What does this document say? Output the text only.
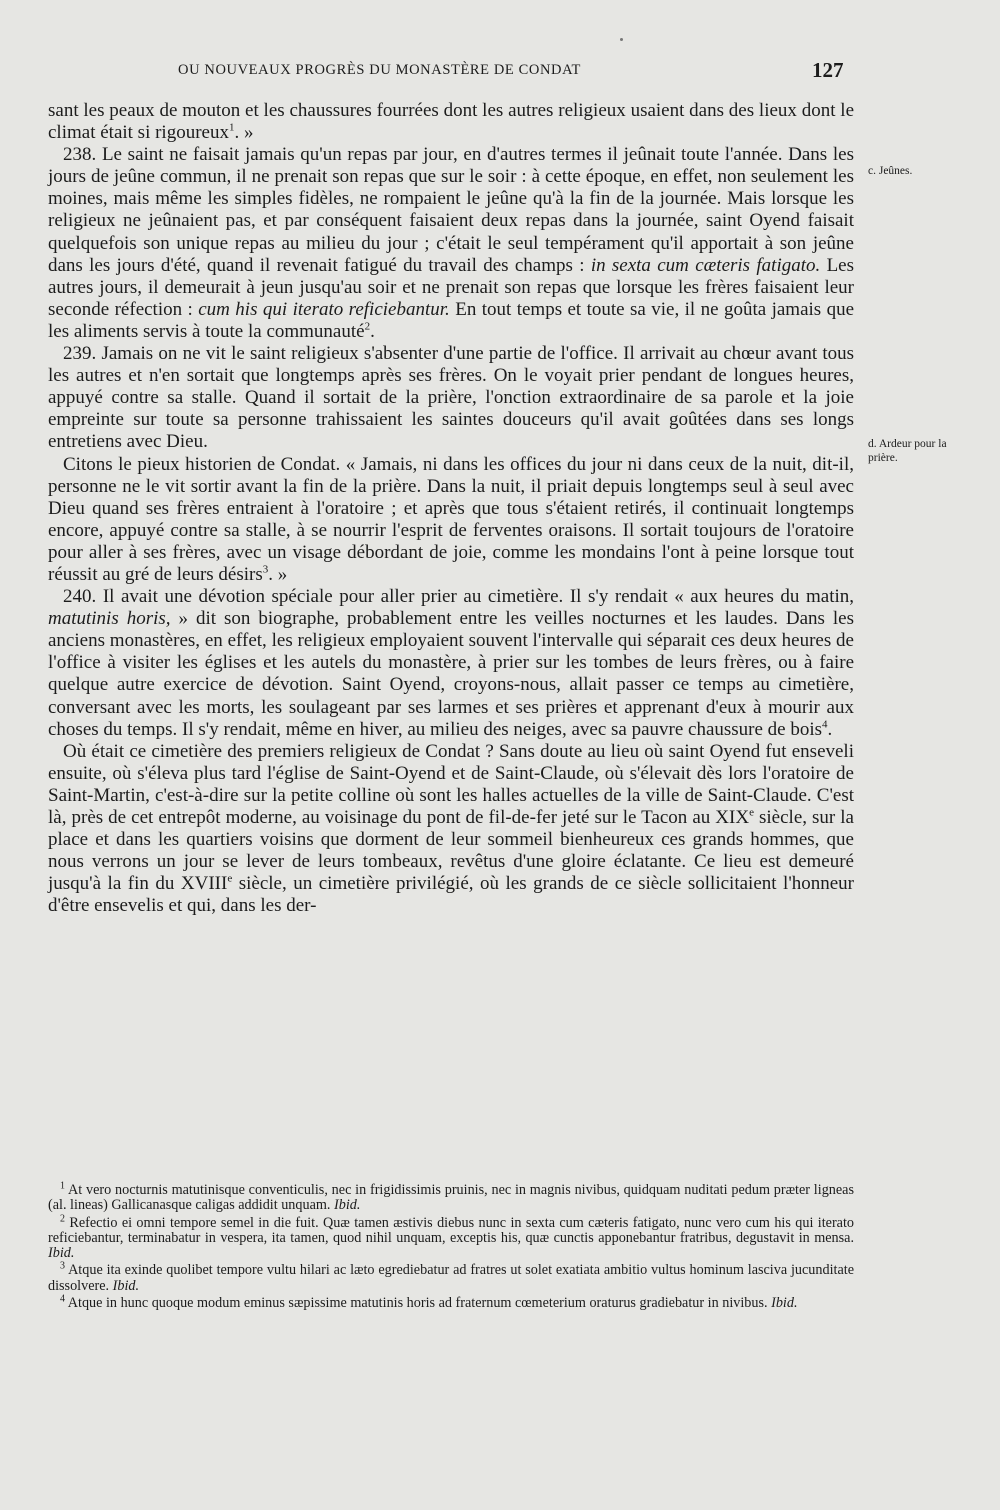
OU NOUVEAUX PROGRÈS DU MONASTÈRE DE CONDAT	127
c. Jeûnes.
d. Ardeur pour la prière.

sant les peaux de mouton et les chaussures fourrées dont les autres religieux usaient dans des lieux dont le climat était si rigoureux$^1$. »

238. Le saint ne faisait jamais qu'un repas par jour, en d'autres termes il jeûnait toute l'année. Dans les jours de jeûne commun, il ne prenait son repas que sur le soir : à cette époque, en effet, non seulement les moines, mais même les simples fidèles, ne rompaient le jeûne qu'à la fin de la journée. Mais lorsque les religieux ne jeûnaient pas, et par conséquent faisaient deux repas dans la journée, saint Oyend faisait quelquefois son unique repas au milieu du jour ; c'était le seul tempérament qu'il apportait à son jeûne dans les jours d'été, quand il revenait fatigué du travail des champs : in sexta cum cæteris fatigato. Les autres jours, il demeurait à jeun jusqu'au soir et ne prenait son repas que lorsque les frères faisaient leur seconde réfection : cum his qui iterato reficiebantur. En tout temps et toute sa vie, il ne goûta jamais que les aliments servis à toute la communauté$^2$.

239. Jamais on ne vit le saint religieux s'absenter d'une partie de l'office. Il arrivait au chœur avant tous les autres et n'en sortait que longtemps après ses frères. On le voyait prier pendant de longues heures, appuyé contre sa stalle. Quand il sortait de la prière, l'onction extraordinaire de sa parole et la joie empreinte sur toute sa personne trahissaient les saintes douceurs qu'il avait goûtées dans ses longs entretiens avec Dieu.

Citons le pieux historien de Condat. « Jamais, ni dans les offices du jour ni dans ceux de la nuit, dit-il, personne ne le vit sortir avant la fin de la prière. Dans la nuit, il priait depuis longtemps seul à seul avec Dieu quand ses frères entraient à l'oratoire ; et après que tous s'étaient retirés, il continuait longtemps encore, appuyé contre sa stalle, à se nourrir l'esprit de ferventes oraisons. Il sortait toujours de l'oratoire pour aller à ses frères, avec un visage débordant de joie, comme les mondains l'ont à peine lorsque tout réussit au gré de leurs désirs$^3$. »

240. Il avait une dévotion spéciale pour aller prier au cimetière. Il s'y rendait « aux heures du matin, matutinis horis, » dit son biographe, probablement entre les veilles nocturnes et les laudes. Dans les anciens monastères, en effet, les religieux employaient souvent l'intervalle qui séparait ces deux heures de l'office à visiter les églises et les autels du monastère, à prier sur les tombes de leurs frères, ou à faire quelque autre exercice de dévotion. Saint Oyend, croyons-nous, allait passer ce temps au cimetière, conversant avec les morts, les soulageant par ses larmes et ses prières et apprenant d'eux à mourir aux choses du temps. Il s'y rendait, même en hiver, au milieu des neiges, avec sa pauvre chaussure de bois$^4$.

Où était ce cimetière des premiers religieux de Condat ? Sans doute au lieu où saint Oyend fut enseveli ensuite, où s'éleva plus tard l'église de Saint-Oyend et de Saint-Claude, où s'élevait dès lors l'oratoire de Saint-Martin, c'est-à-dire sur la petite colline où sont les halles actuelles de la ville de Saint-Claude. C'est là, près de cet entrepôt moderne, au voisinage du pont de fil-de-fer jeté sur le Tacon au XIXe siècle, sur la place et dans les quartiers voisins que dorment de leur sommeil bienheureux ces grands hommes, que nous verrons un jour se lever de leurs tombeaux, revêtus d'une gloire éclatante. Ce lieu est demeuré jusqu'à la fin du XVIIIe siècle, un cimetière privilégié, où les grands de ce siècle sollicitaient l'honneur d'être ensevelis et qui, dans les der-

$^1$ At vero nocturnis matutinisque conventiculis, nec in frigidissimis pruinis, nec in magnis nivibus, quidquam nuditati pedum præter ligneas (al. lineas) Gallicanasque caligas addidit unquam. Ibid.

$^2$ Refectio ei omni tempore semel in die fuit. Quæ tamen æstivis diebus nunc in sexta cum cæteris fatigato, nunc vero cum his qui iterato reficiebantur, terminabatur in vespera, ita tamen, quod nihil unquam, exceptis his, quæ cunctis apponebantur fratribus, degustavit in mensa. Ibid.

$^3$ Atque ita exinde quolibet tempore vultu hilari ac læto egrediebatur ad fratres ut solet exatiata ambitio vultus hominum lasciva jucunditate dissolvere. Ibid.

$^4$ Atque in hunc quoque modum eminus sæpissime matutinis horis ad fraternum cœmeterium oraturus gradiebatur in nivibus. Ibid.
